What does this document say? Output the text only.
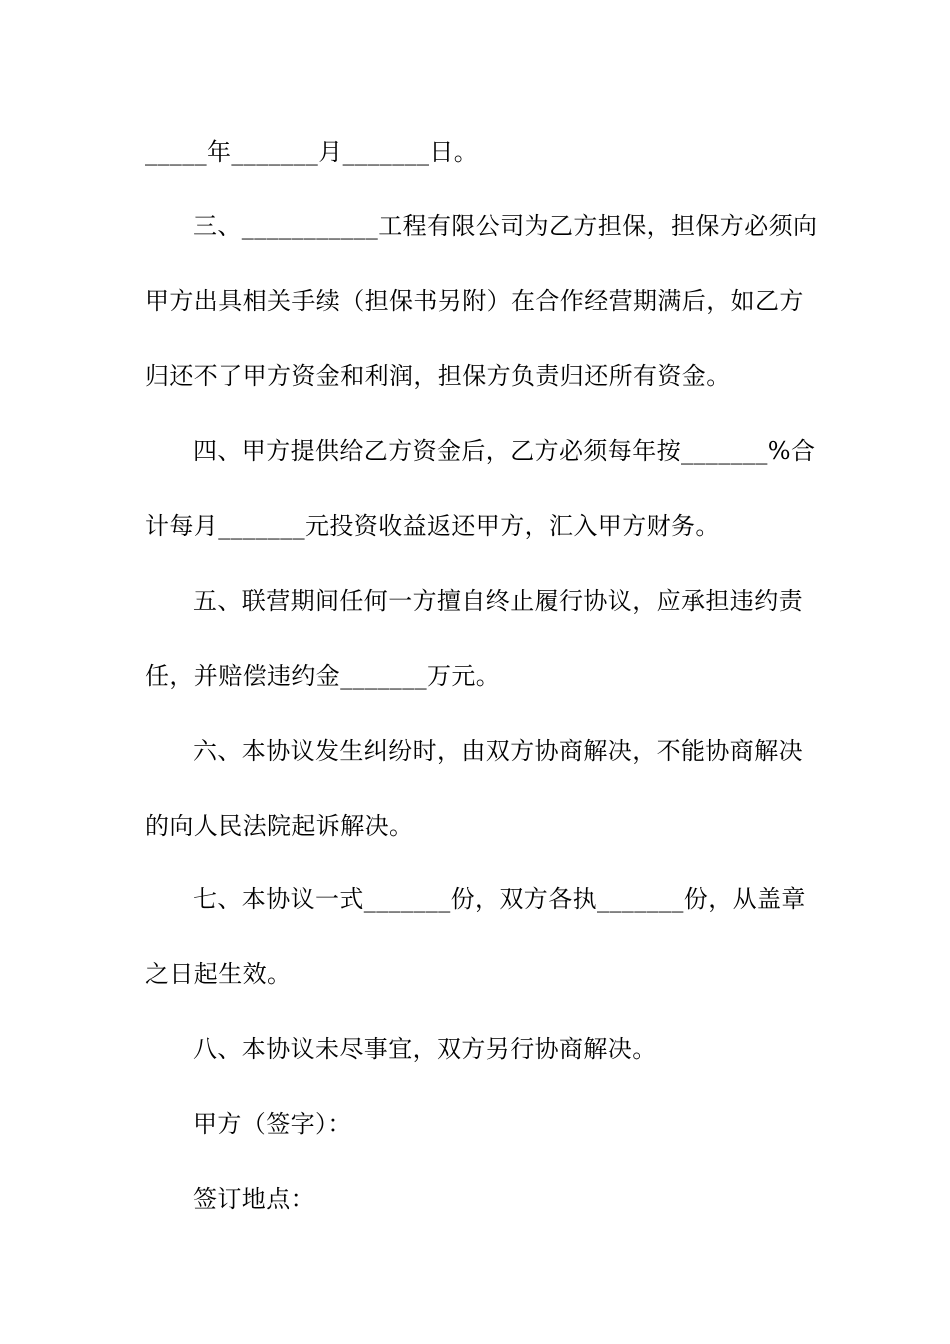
_____年_______月_______日。
三、___________工程有限公司为乙方担保，担保方必须向
甲方出具相关手续（担保书另附）在合作经营期满后，如乙方
归还不了甲方资金和利润，担保方负责归还所有资金。
四、甲方提供给乙方资金后，乙方必须每年按_______%合
计每月_______元投资收益返还甲方，汇入甲方财务。
五、联营期间任何一方擅自终止履行协议，应承担违约责
任，并赔偿违约金_______万元。
六、本协议发生纠纷时，由双方协商解决，不能协商解决
的向人民法院起诉解决。
七、本协议一式_______份，双方各执_______份，从盖章
之日起生效。
八、本协议未尽事宜，双方另行协商解决。
甲方（签字）：
签订地点：
